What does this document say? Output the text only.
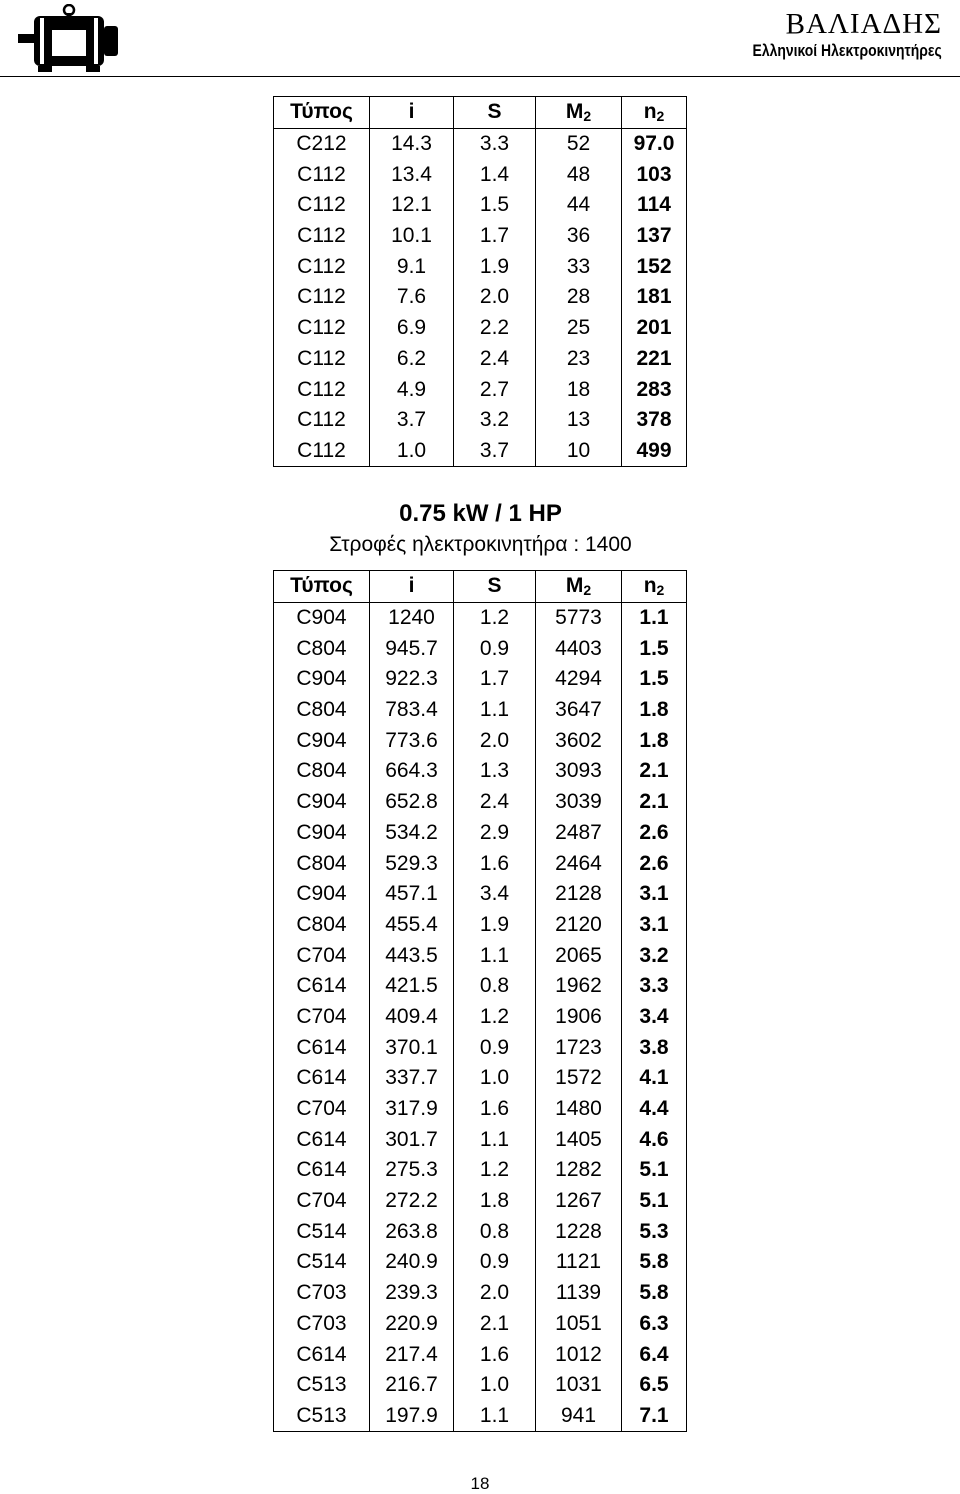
ΒΑΛΙΑΔΗΣ
Ελληνικοί Ηλεκτροκινητήρες
Τύπος	i	S	$M_2$	$n_2$
C212	14.3	3.3	52	97.0
C112	13.4	1.4	48	103
C112	12.1	1.5	44	114
C112	10.1	1.7	36	137
C112	9.1	1.9	33	152
C112	7.6	2.0	28	181
C112	6.9	2.2	25	201
C112	6.2	2.4	23	221
C112	4.9	2.7	18	283
C112	3.7	3.2	13	378
C112	1.0	3.7	10	499
0.75 kW / 1 HP
Στροφές ηλεκτροκινητήρα : 1400
Τύπος	i	S	$M_2$	$n_2$
C904	1240	1.2	5773	1.1
C804	945.7	0.9	4403	1.5
C904	922.3	1.7	4294	1.5
C804	783.4	1.1	3647	1.8
C904	773.6	2.0	3602	1.8
C804	664.3	1.3	3093	2.1
C904	652.8	2.4	3039	2.1
C904	534.2	2.9	2487	2.6
C804	529.3	1.6	2464	2.6
C904	457.1	3.4	2128	3.1
C804	455.4	1.9	2120	3.1
C704	443.5	1.1	2065	3.2
C614	421.5	0.8	1962	3.3
C704	409.4	1.2	1906	3.4
C614	370.1	0.9	1723	3.8
C614	337.7	1.0	1572	4.1
C704	317.9	1.6	1480	4.4
C614	301.7	1.1	1405	4.6
C614	275.3	1.2	1282	5.1
C704	272.2	1.8	1267	5.1
C514	263.8	0.8	1228	5.3
C514	240.9	0.9	1121	5.8
C703	239.3	2.0	1139	5.8
C703	220.9	2.1	1051	6.3
C614	217.4	1.6	1012	6.4
C513	216.7	1.0	1031	6.5
C513	197.9	1.1	941	7.1
18
